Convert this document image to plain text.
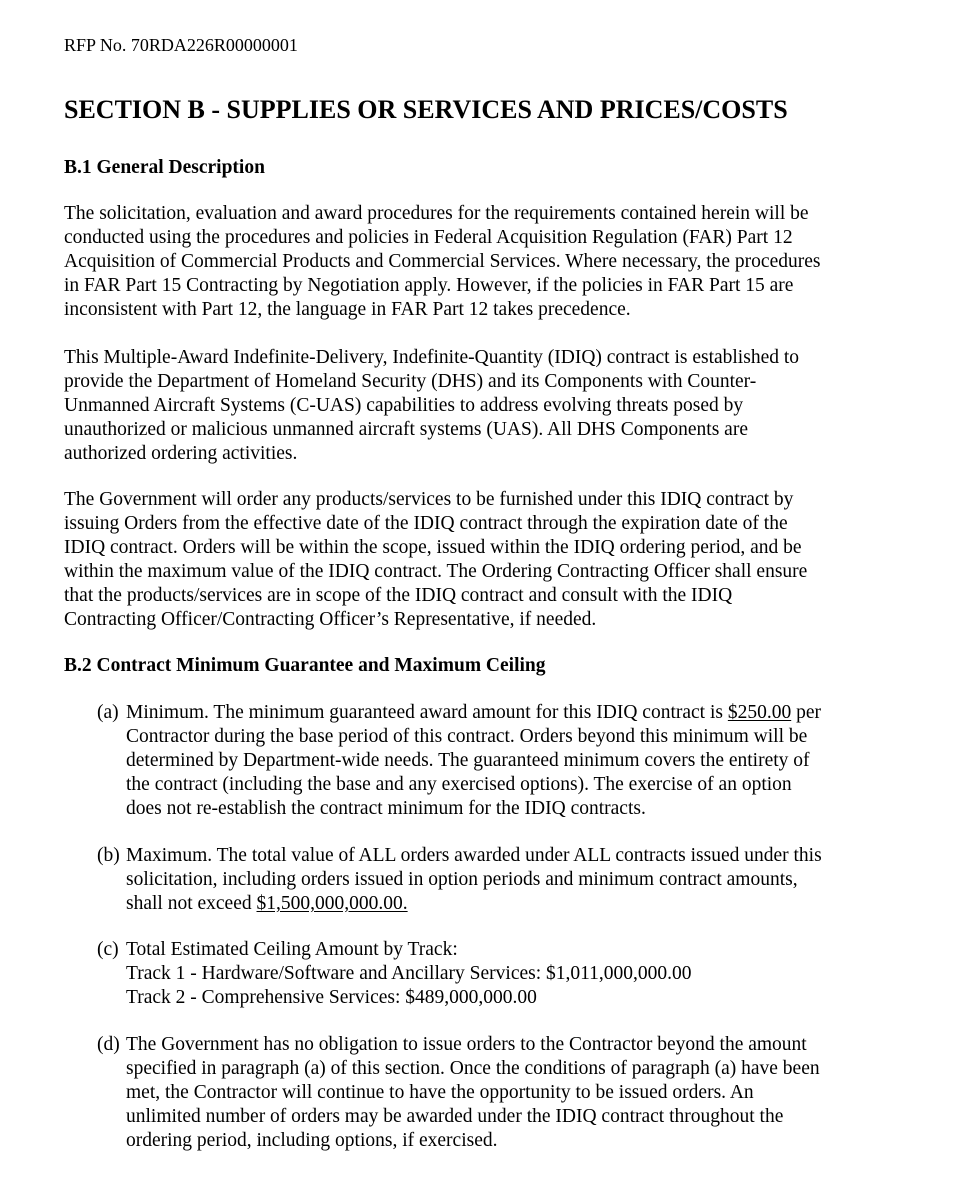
RFP No. 70RDA226R00000001
SECTION B - SUPPLIES OR SERVICES AND PRICES/COSTS
B.1 General Description
The solicitation, evaluation and award procedures for the requirements contained herein will be
conducted using the procedures and policies in Federal Acquisition Regulation (FAR) Part 12
Acquisition of Commercial Products and Commercial Services. Where necessary, the procedures
in FAR Part 15 Contracting by Negotiation apply. However, if the policies in FAR Part 15 are
inconsistent with Part 12, the language in FAR Part 12 takes precedence.
This Multiple-Award Indefinite-Delivery, Indefinite-Quantity (IDIQ) contract is established to
provide the Department of Homeland Security (DHS) and its Components with Counter-
Unmanned Aircraft Systems (C-UAS) capabilities to address evolving threats posed by
unauthorized or malicious unmanned aircraft systems (UAS). All DHS Components are
authorized ordering activities.
The Government will order any products/services to be furnished under this IDIQ contract by
issuing Orders from the effective date of the IDIQ contract through the expiration date of the
IDIQ contract. Orders will be within the scope, issued within the IDIQ ordering period, and be
within the maximum value of the IDIQ contract. The Ordering Contracting Officer shall ensure
that the products/services are in scope of the IDIQ contract and consult with the IDIQ
Contracting Officer/Contracting Officer’s Representative, if needed.
B.2 Contract Minimum Guarantee and Maximum Ceiling
(a) Minimum. The minimum guaranteed award amount for this IDIQ contract is $250.00 per
Contractor during the base period of this contract. Orders beyond this minimum will be
determined by Department-wide needs. The guaranteed minimum covers the entirety of
the contract (including the base and any exercised options). The exercise of an option
does not re-establish the contract minimum for the IDIQ contracts.
(b) Maximum. The total value of ALL orders awarded under ALL contracts issued under this
solicitation, including orders issued in option periods and minimum contract amounts,
shall not exceed $1,500,000,000.00.
(c) Total Estimated Ceiling Amount by Track:
Track 1 - Hardware/Software and Ancillary Services: $1,011,000,000.00
Track 2 - Comprehensive Services: $489,000,000.00
(d) The Government has no obligation to issue orders to the Contractor beyond the amount
specified in paragraph (a) of this section. Once the conditions of paragraph (a) have been
met, the Contractor will continue to have the opportunity to be issued orders. An
unlimited number of orders may be awarded under the IDIQ contract throughout the
ordering period, including options, if exercised.
